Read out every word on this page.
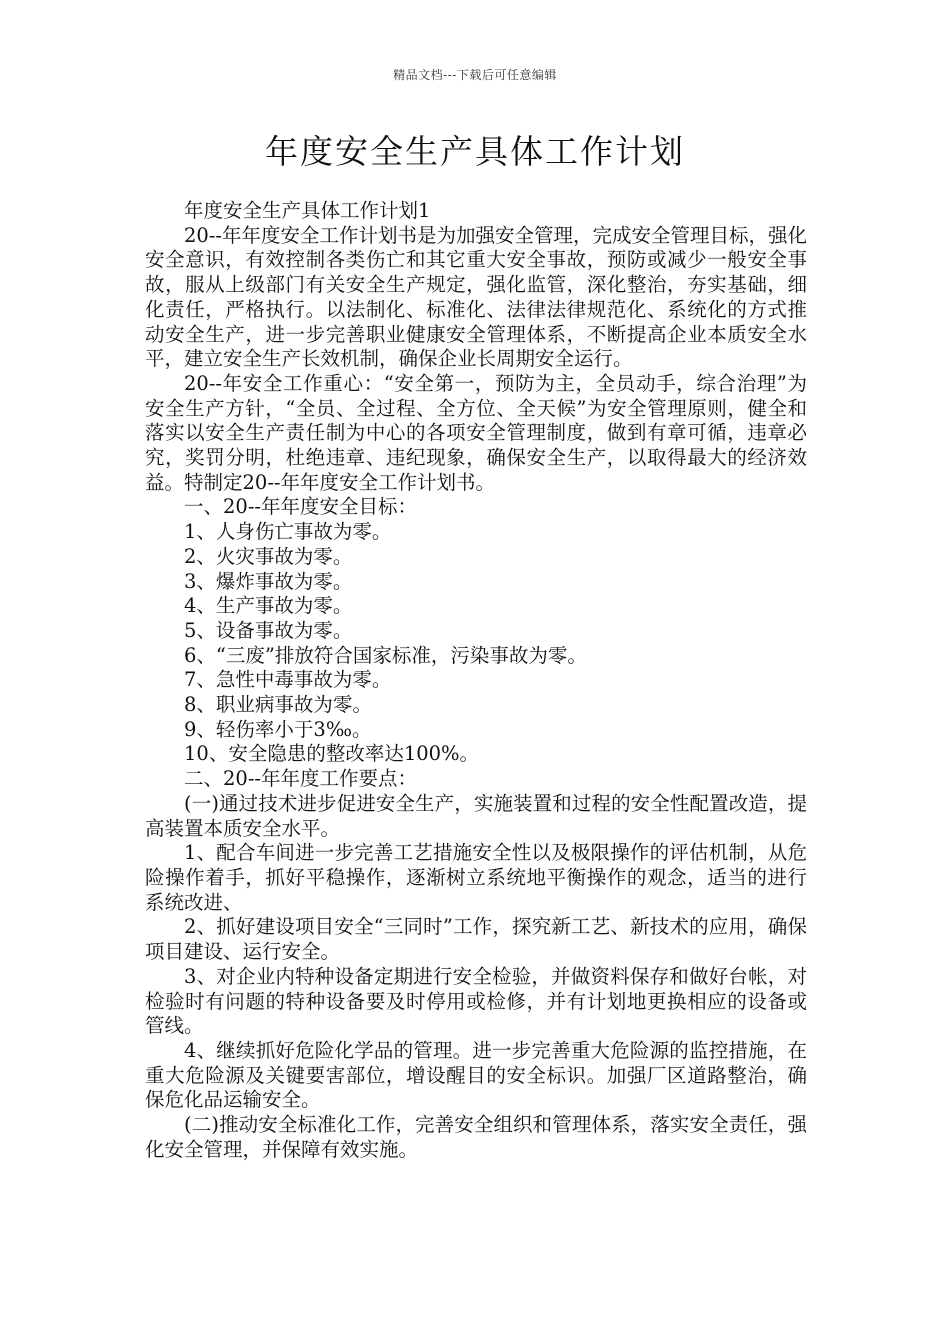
精品文档---下载后可任意编辑
年度安全生产具体工作计划

年度安全生产具体工作计划1

20--年年度安全工作计划书是为加强安全管理，完成安全管理目标，强化安全意识，有效控制各类伤亡和其它重大安全事故，预防或减少一般安全事故，服从上级部门有关安全生产规定，强化监管，深化整治，夯实基础，细化责任，严格执行。以法制化、标准化、法律法律规范化、系统化的方式推动安全生产，进一步完善职业健康安全管理体系，不断提高企业本质安全水平，建立安全生产长效机制，确保企业长周期安全运行。

20--年安全工作重心：“安全第一，预防为主，全员动手，综合治理”为安全生产方针，“全员、全过程、全方位、全天候”为安全管理原则，健全和落实以安全生产责任制为中心的各项安全管理制度，做到有章可循，违章必究，奖罚分明，杜绝违章、违纪现象，确保安全生产，以取得最大的经济效益。特制定20--年年度安全工作计划书。

一、20--年年度安全目标：

1、人身伤亡事故为零。

2、火灾事故为零。

3、爆炸事故为零。

4、生产事故为零。

5、设备事故为零。

6、“三废”排放符合国家标准，污染事故为零。

7、急性中毒事故为零。

8、职业病事故为零。

9、轻伤率小于3‰。

10、安全隐患的整改率达100%。

二、20--年年度工作要点：

(一)通过技术进步促进安全生产，实施装置和过程的安全性配置改造，提高装置本质安全水平。

1、配合车间进一步完善工艺措施安全性以及极限操作的评估机制，从危险操作着手，抓好平稳操作，逐渐树立系统地平衡操作的观念，适当的进行系统改进、

2、抓好建设项目安全“三同时”工作，探究新工艺、新技术的应用，确保项目建设、运行安全。

3、对企业内特种设备定期进行安全检验，并做资料保存和做好台帐，对检验时有问题的特种设备要及时停用或检修，并有计划地更换相应的设备或管线。

4、继续抓好危险化学品的管理。进一步完善重大危险源的监控措施，在重大危险源及关键要害部位，增设醒目的安全标识。加强厂区道路整治，确保危化品运输安全。

(二)推动安全标准化工作，完善安全组织和管理体系，落实安全责任，强化安全管理，并保障有效实施。
